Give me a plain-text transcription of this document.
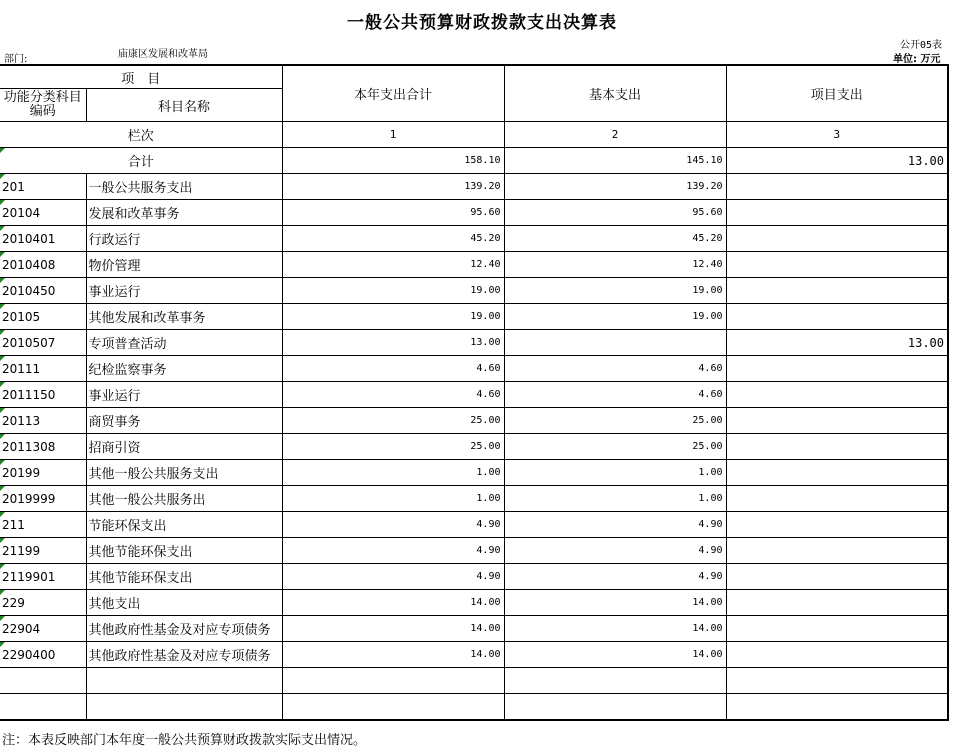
一般公共预算财政拨款支出决算表
公开05表
部门:	庙康区发展和改革局	单位: 万元
项　目		本年支出合计	基本支出	项目支出
功能分类科目编码	科目名称			
栏次		1	2	3

合计		158.10	145.10	13.00

201	一般公共服务支出	139.20	139.20	

20104	发展和改革事务	95.60	95.60	

2010401	行政运行	45.20	45.20	

2010408	物价管理	12.40	12.40	

2010450	事业运行	19.00	19.00	

20105	其他发展和改革事务	19.00	19.00	

2010507	专项普查活动	13.00		13.00

20111	纪检监察事务	4.60	4.60	

2011150	事业运行	4.60	4.60	

20113	商贸事务	25.00	25.00	

2011308	招商引资	25.00	25.00	

20199	其他一般公共服务支出	1.00	1.00	

2019999	其他一般公共服务出	1.00	1.00	

211	节能环保支出	4.90	4.90	

21199	其他节能环保支出	4.90	4.90	

2119901	其他节能环保支出	4.90	4.90	

229	其他支出	14.00	14.00	

22904	其他政府性基金及对应专项债务	14.00	14.00	

2290400	其他政府性基金及对应专项债务	14.00	14.00	

注：本表反映部门本年度一般公共预算财政拨款实际支出情况。
